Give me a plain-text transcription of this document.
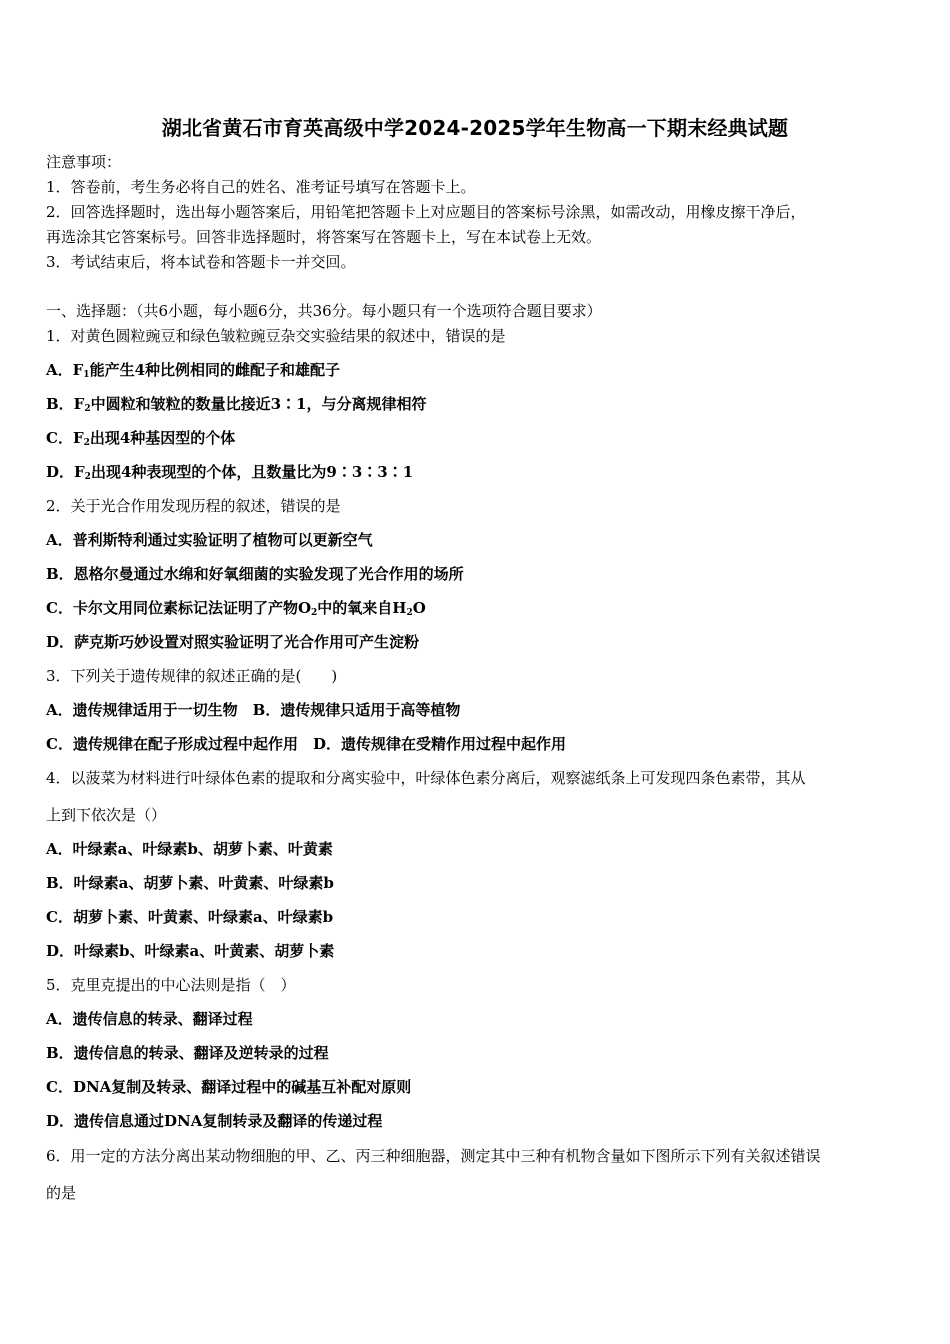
湖北省黄石市育英高级中学2024-2025学年生物高一下期末经典试题
注意事项：
1．答卷前，考生务必将自己的姓名、准考证号填写在答题卡上。
2．回答选择题时，选出每小题答案后，用铅笔把答题卡上对应题目的答案标号涂黑，如需改动，用橡皮擦干净后，
再选涂其它答案标号。回答非选择题时，将答案写在答题卡上，写在本试卷上无效。
3．考试结束后，将本试卷和答题卡一并交回。
一、选择题：（共6小题，每小题6分，共36分。每小题只有一个选项符合题目要求）
1．对黄色圆粒豌豆和绿色皱粒豌豆杂交实验结果的叙述中，错误的是
A．$F_1$能产生4种比例相同的雌配子和雄配子
B．$F_2$中圆粒和皱粒的数量比接近3∶1，与分离规律相符
C．$F_2$出现4种基因型的个体
D．$F_2$出现4种表现型的个体，且数量比为9∶3∶3∶1
2．关于光合作用发现历程的叙述，错误的是
A．普利斯特利通过实验证明了植物可以更新空气
B．恩格尔曼通过水绵和好氧细菌的实验发现了光合作用的场所
C．卡尔文用同位素标记法证明了产物$O_2$中的氧来自$H_2O$
D．萨克斯巧妙设置对照实验证明了光合作用可产生淀粉
3．下列关于遗传规律的叙述正确的是(　　)
A．遗传规律适用于一切生物　B．遗传规律只适用于高等植物
C．遗传规律在配子形成过程中起作用　D．遗传规律在受精作用过程中起作用
4．以菠菜为材料进行叶绿体色素的提取和分离实验中，叶绿体色素分离后，观察滤纸条上可发现四条色素带，其从
上到下依次是（）
A．叶绿素a、叶绿素b、胡萝卜素、叶黄素
B．叶绿素a、胡萝卜素、叶黄素、叶绿素b
C．胡萝卜素、叶黄素、叶绿素a、叶绿素b
D．叶绿素b、叶绿素a、叶黄素、胡萝卜素
5．克里克提出的中心法则是指（　）
A．遗传信息的转录、翻译过程
B．遗传信息的转录、翻译及逆转录的过程
C．DNA复制及转录、翻译过程中的碱基互补配对原则
D．遗传信息通过DNA复制转录及翻译的传递过程
6．用一定的方法分离出某动物细胞的甲、乙、丙三种细胞器，测定其中三种有机物含量如下图所示下列有关叙述错误
的是
